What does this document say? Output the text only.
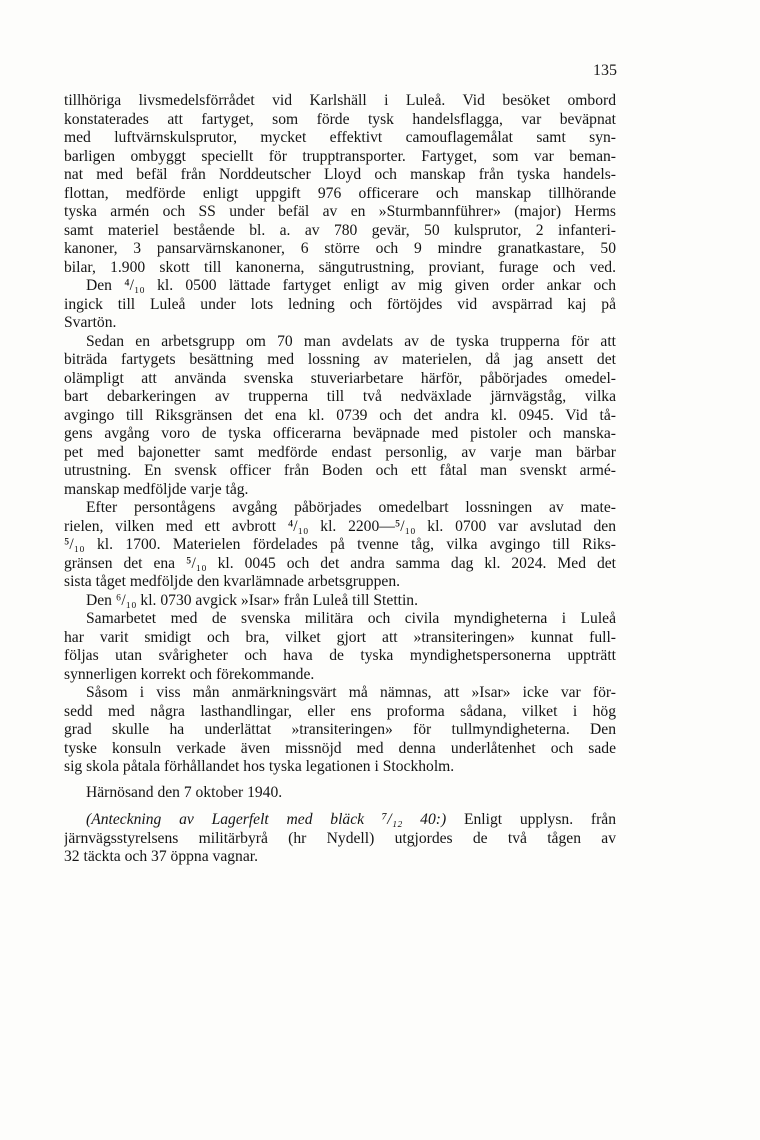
135
tillhöriga livsmedelsförrådet vid Karlshäll i Luleå. Vid besöket ombord
konstaterades att fartyget, som förde tysk handelsflagga, var beväpnat
med luftvärnskulsprutor, mycket effektivt camouflagemålat samt syn-
barligen ombyggt speciellt för trupptransporter. Fartyget, som var beman-
nat med befäl från Norddeutscher Lloyd och manskap från tyska handels-
flottan, medförde enligt uppgift 976 officerare och manskap tillhörande
tyska armén och SS under befäl av en »Sturmbannführer» (major) Herms
samt materiel bestående bl. a. av 780 gevär, 50 kulsprutor, 2 infanteri-
kanoner, 3 pansarvärnskanoner, 6 större och 9 mindre granatkastare, 50
bilar, 1.900 skott till kanonerna, sängutrustning, proviant, furage och ved.
Den ⁴/₁₀ kl. 0500 lättade fartyget enligt av mig given order ankar och
ingick till Luleå under lots ledning och förtöjdes vid avspärrad kaj på
Svartön.
Sedan en arbetsgrupp om 70 man avdelats av de tyska trupperna för att
biträda fartygets besättning med lossning av materielen, då jag ansett det
olämpligt att använda svenska stuveriarbetare härför, påbörjades omedel-
bart debarkeringen av trupperna till två nedväxlade järnvägståg, vilka
avgingo till Riksgränsen det ena kl. 0739 och det andra kl. 0945. Vid tå-
gens avgång voro de tyska officerarna beväpnade med pistoler och manska-
pet med bajonetter samt medförde endast personlig, av varje man bärbar
utrustning. En svensk officer från Boden och ett fåtal man svenskt armé-
manskap medföljde varje tåg.
Efter persontågens avgång påbörjades omedelbart lossningen av mate-
rielen, vilken med ett avbrott ⁴/₁₀ kl. 2200—⁵/₁₀ kl. 0700 var avslutad den
⁵/₁₀ kl. 1700. Materielen fördelades på tvenne tåg, vilka avgingo till Riks-
gränsen det ena ⁵/₁₀ kl. 0045 och det andra samma dag kl. 2024. Med det
sista tåget medföljde den kvarlämnade arbetsgruppen.
Den ⁶/₁₀ kl. 0730 avgick »Isar» från Luleå till Stettin.
Samarbetet med de svenska militära och civila myndigheterna i Luleå
har varit smidigt och bra, vilket gjort att »transiteringen» kunnat full-
följas utan svårigheter och hava de tyska myndighetspersonerna uppträtt
synnerligen korrekt och förekommande.
Såsom i viss mån anmärkningsvärt må nämnas, att »Isar» icke var för-
sedd med några lasthandlingar, eller ens proforma sådana, vilket i hög
grad skulle ha underlättat »transiteringen» för tullmyndigheterna. Den
tyske konsuln verkade även missnöjd med denna underlåtenhet och sade
sig skola påtala förhållandet hos tyska legationen i Stockholm.
Härnösand den 7 oktober 1940.
(Anteckning av Lagerfelt med bläck ⁷/₁₂ 40:) Enligt upplysn. från
järnvägsstyrelsens militärbyrå (hr Nydell) utgjordes de två tågen av
32 täckta och 37 öppna vagnar.
